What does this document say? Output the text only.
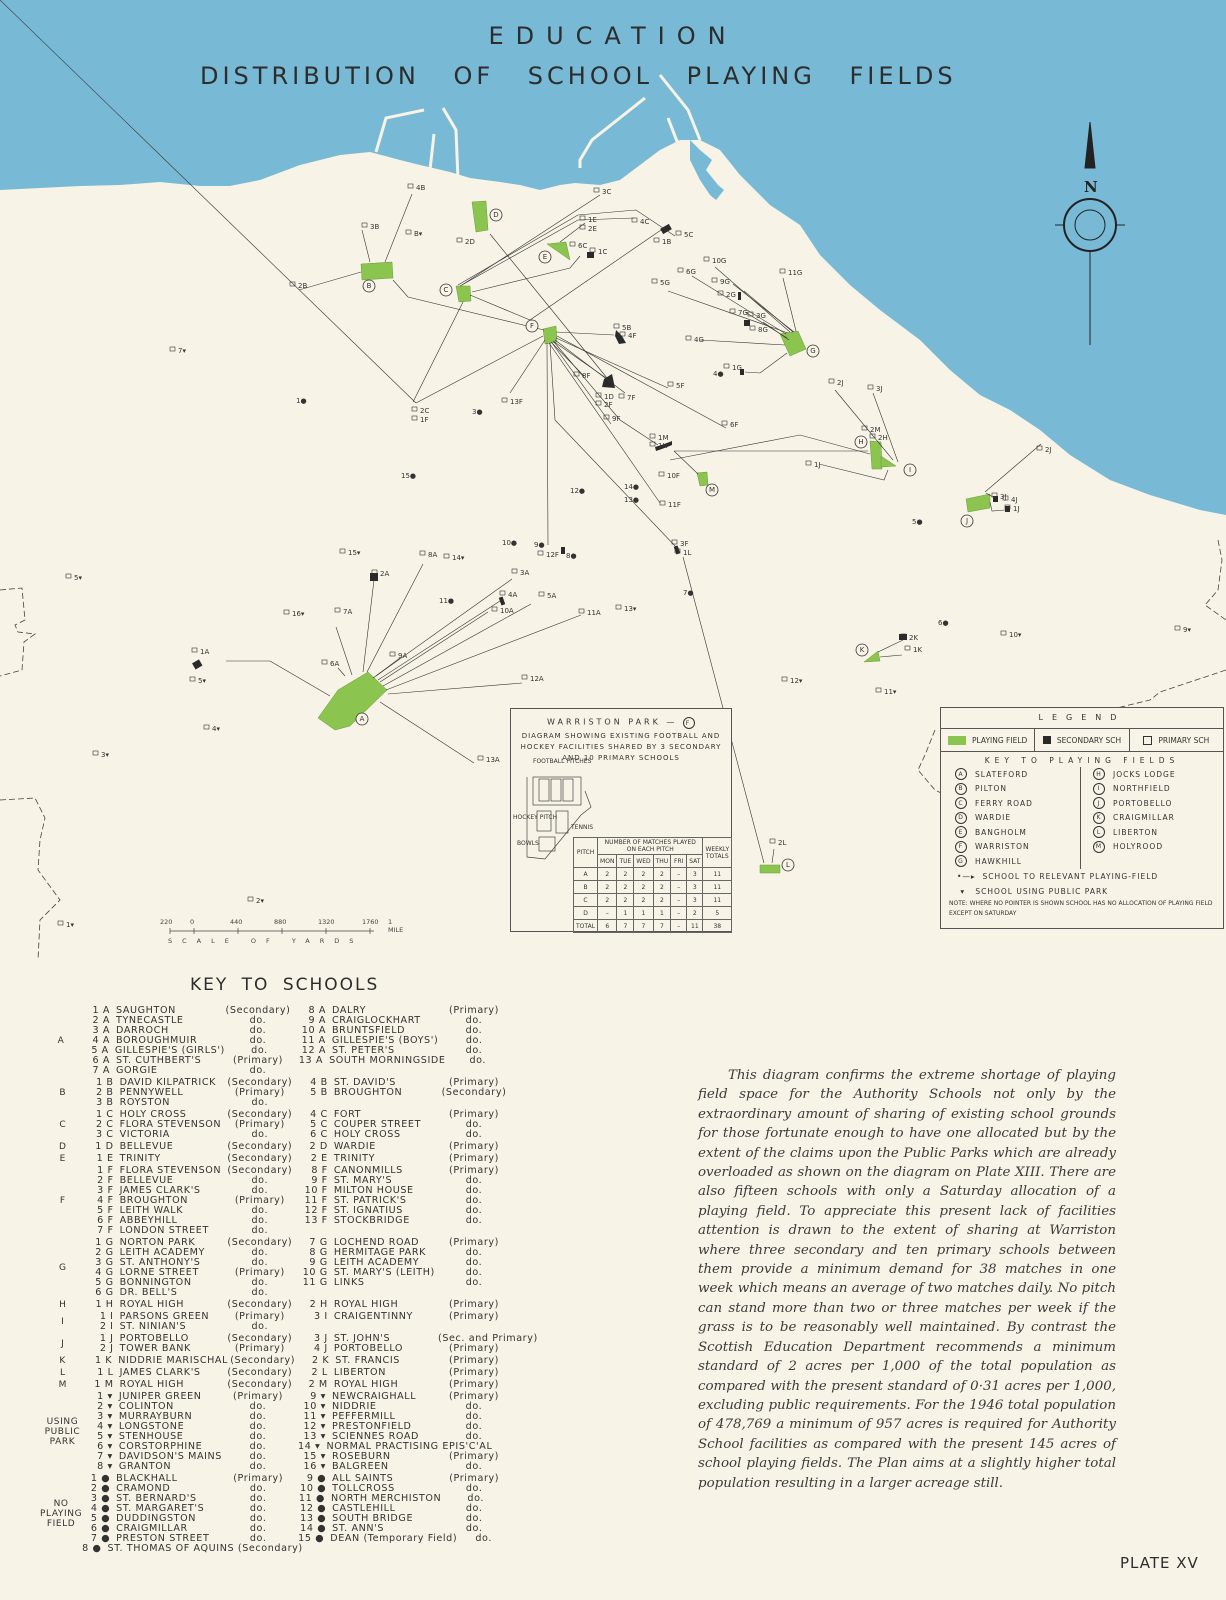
N
A
B	C
D
E
F
G
H
I
J
K
L
M
4B
3B
B▾
2B
2D
3C
1E
2E
4C
5C
1B
6C
1C
2C
1F
13F
8F
1D
2F
7F
5F
9F
6F
5B
4F
5G
6G
10G
9G
2G
11G
7G 3G
8G
4G
1G
2J
3J
1M
1H
10F
11F
2M
2H
1J
2J
3J 4J
1J
3F
1L
12F
2A
8A
3A
4A
10A
5A
11A
7A
9A
6A
12A
13A
1A
2K
1K
2L
7▾
5▾
16▾
15▾
14▾
13▾
5▾
4▾
3▾
2▾
1▾
12▾
11▾
10▾
9▾
1●
3●
15●
4●
12●	14●
13●
10● 9●
8●
11●
7●
5●
6●
EDUCATION
DISTRIBUTION OF SCHOOL PLAYING FIELDS
WARRISTON PARK — F
DIAGRAM SHOWING EXISTING FOOTBALL AND HOCKEY FACILITIES SHARED BY 3 SECONDARY AND 10 PRIMARY SCHOOLS
FOOTBALL PITCHES
HOCKEY PITCH
TENNIS
BOWLS
PITCH	NUMBER OF MATCHES PLAYED ON EACH PITCH						WEEKLY TOTALS
	MON	TUE	WED	THU	FRI	SAT	
A	2	2	2	2	–	3	11
B	2	2	2	2	–	3	11
C	2	2	2	2	–	3	11
D	–	1	1	1	–	2	5
TOTAL	6	7	7	7	–	11	38
LEGEND
PLAYING FIELD	SECONDARY SCH	PRIMARY SCH
KEY TO PLAYING FIELDS
A	SLATEFORD
B	PILTON
C	FERRY ROAD
D	WARDIE
E	BANGHOLM
F	WARRISTON
G	HAWKHILL
H	JOCKS LODGE
I	NORTHFIELD
J	PORTOBELLO
K	CRAIGMILLAR
L	LIBERTON
M	HOLYROOD
•—▸ SCHOOL TO RELEVANT PLAYING-FIELD
▾   SCHOOL USING PUBLIC PARK
NOTE: WHERE NO POINTER IS SHOWN SCHOOL HAS NO ALLOCATION OF PLAYING FIELD EXCEPT ON SATURDAY
220	0	440	880	1320	1760 1 MILE
SCALE OF YARDS
KEY TO SCHOOLS
A
1 A SAUGHTON	(Secondary)
2 A TYNECASTLE	do.
3 A DARROCH	do.
4 A BOROUGHMUIR	do.
5 A GILLESPIE'S (GIRLS')	do.
6 A ST. CUTHBERT'S	(Primary)
7 A GORGIE	do.
8 A DALRY	(Primary)
9 A CRAIGLOCKHART	do.
10 A BRUNTSFIELD	do.
11 A GILLESPIE'S (BOYS')	do.
12 A ST. PETER'S	do.
13 A SOUTH MORNINGSIDE	do.
B
1 B DAVID KILPATRICK	(Secondary)
2 B PENNYWELL	(Primary)
3 B ROYSTON	do.
4 B ST. DAVID'S	(Primary)
5 B BROUGHTON	(Secondary)
C
1 C HOLY CROSS	(Secondary)
2 C FLORA STEVENSON	(Primary)
3 C VICTORIA	do.
4 C FORT	(Primary)
5 C COUPER STREET	do.
6 C HOLY CROSS	do.
D	1 D BELLEVUE	(Secondary)	2 D WARDIE	(Primary)
E	1 E TRINITY	(Secondary)	2 E TRINITY	(Primary)
F
1 F FLORA STEVENSON (Secondary)
2 F BELLEVUE	do.
3 F JAMES CLARK'S	do.
4 F BROUGHTON	(Primary)
5 F LEITH WALK	do.
6 F ABBEYHILL	do.
7 F LONDON STREET	do.
8 F CANONMILLS	(Primary)
9 F ST. MARY'S	do.
10 F MILTON HOUSE	do.
11 F ST. PATRICK'S	do.
12 F ST. IGNATIUS	do.
13 F STOCKBRIDGE	do.
G
1 G NORTON PARK	(Secondary)
2 G LEITH ACADEMY	do.
3 G ST. ANTHONY'S	do.
4 G LORNE STREET	(Primary)
5 G BONNINGTON	do.
6 G DR. BELL'S	do.
7 G LOCHEND ROAD	(Primary)
8 G HERMITAGE PARK	do.
9 G LEITH ACADEMY	do.
10 G ST. MARY'S (LEITH)	do.
11 G LINKS	do.
H	1 H ROYAL HIGH	(Secondary)	2 H ROYAL HIGH	(Primary)
I	1 I PARSONS GREEN	(Primary)
2 I ST. NINIAN'S	do.
3 I CRAIGENTINNY	(Primary)
J	1 J PORTOBELLO	(Secondary)
2 J TOWER BANK	(Primary)
3 J ST. JOHN'S	(Sec. and Primary)
4 J PORTOBELLO	(Primary)
K	1 K NIDDRIE MARISCHAL (Secondary)	2 K ST. FRANCIS	(Primary)
L	1 L JAMES CLARK'S	(Secondary)	2 L LIBERTON	(Primary)
M	1 M ROYAL HIGH	(Secondary)	2 M ROYAL HIGH	(Primary)
USING PUBLIC PARK
1 ▾ JUNIPER GREEN	(Primary)
2 ▾ COLINTON	do.
3 ▾ MURRAYBURN	do.
4 ▾ LONGSTONE	do.
5 ▾ STENHOUSE	do.
6 ▾ CORSTORPHINE	do.
7 ▾ DAVIDSON'S MAINS	do.
8 ▾ GRANTON	do.
9 ▾ NEWCRAIGHALL	(Primary)
10 ▾ NIDDRIE	do.
11 ▾ PEFFERMILL	do.
12 ▾ PRESTONFIELD	do.
13 ▾ SCIENNES ROAD	do.
14 ▾ NORMAL PRACTISING EPIS'C'AL
15 ▾ ROSEBURN	(Primary)
16 ▾ BALGREEN	do.
NO PLAYING FIELD
1 ● BLACKHALL	(Primary)
2 ● CRAMOND	do.
3 ● ST. BERNARD'S	do.
4 ● ST. MARGARET'S	do.
5 ● DUDDINGSTON	do.
6 ● CRAIGMILLAR	do.
7 ● PRESTON STREET	do.
8 ● ST. THOMAS OF AQUINS (Secondary)
9 ● ALL SAINTS	(Primary)
10 ● TOLLCROSS	do.
11 ● NORTH MERCHISTON	do.
12 ● CASTLEHILL	do.
13 ● SOUTH BRIDGE	do.
14 ● ST. ANN'S	do.
15 ● DEAN (Temporary Field)	do.
This diagram confirms the extreme shortage of playing field space for the Authority Schools not only by the extraordinary amount of sharing of existing school grounds for those fortunate enough to have one allocated but by the extent of the claims upon the Public Parks which are already overloaded as shown on the diagram on Plate XIII. There are also fifteen schools with only a Saturday allocation of a playing field. To appreciate this present lack of facilities attention is drawn to the extent of sharing at Warriston where three secondary and ten primary schools between them provide a minimum demand for 38 matches in one week which means an average of two matches daily. No pitch can stand more than two or three matches per week if the grass is to be reasonably well maintained. By contrast the Scottish Education Department recommends a minimum standard of 2 acres per 1,000 of the total population as compared with the present standard of 0·31 acres per 1,000, excluding public requirements. For the 1946 total population of 478,769 a minimum of 957 acres is required for Authority School facilities as compared with the present 145 acres of school playing fields. The Plan aims at a slightly higher total population resulting in a larger acreage still.
PLATE XV
